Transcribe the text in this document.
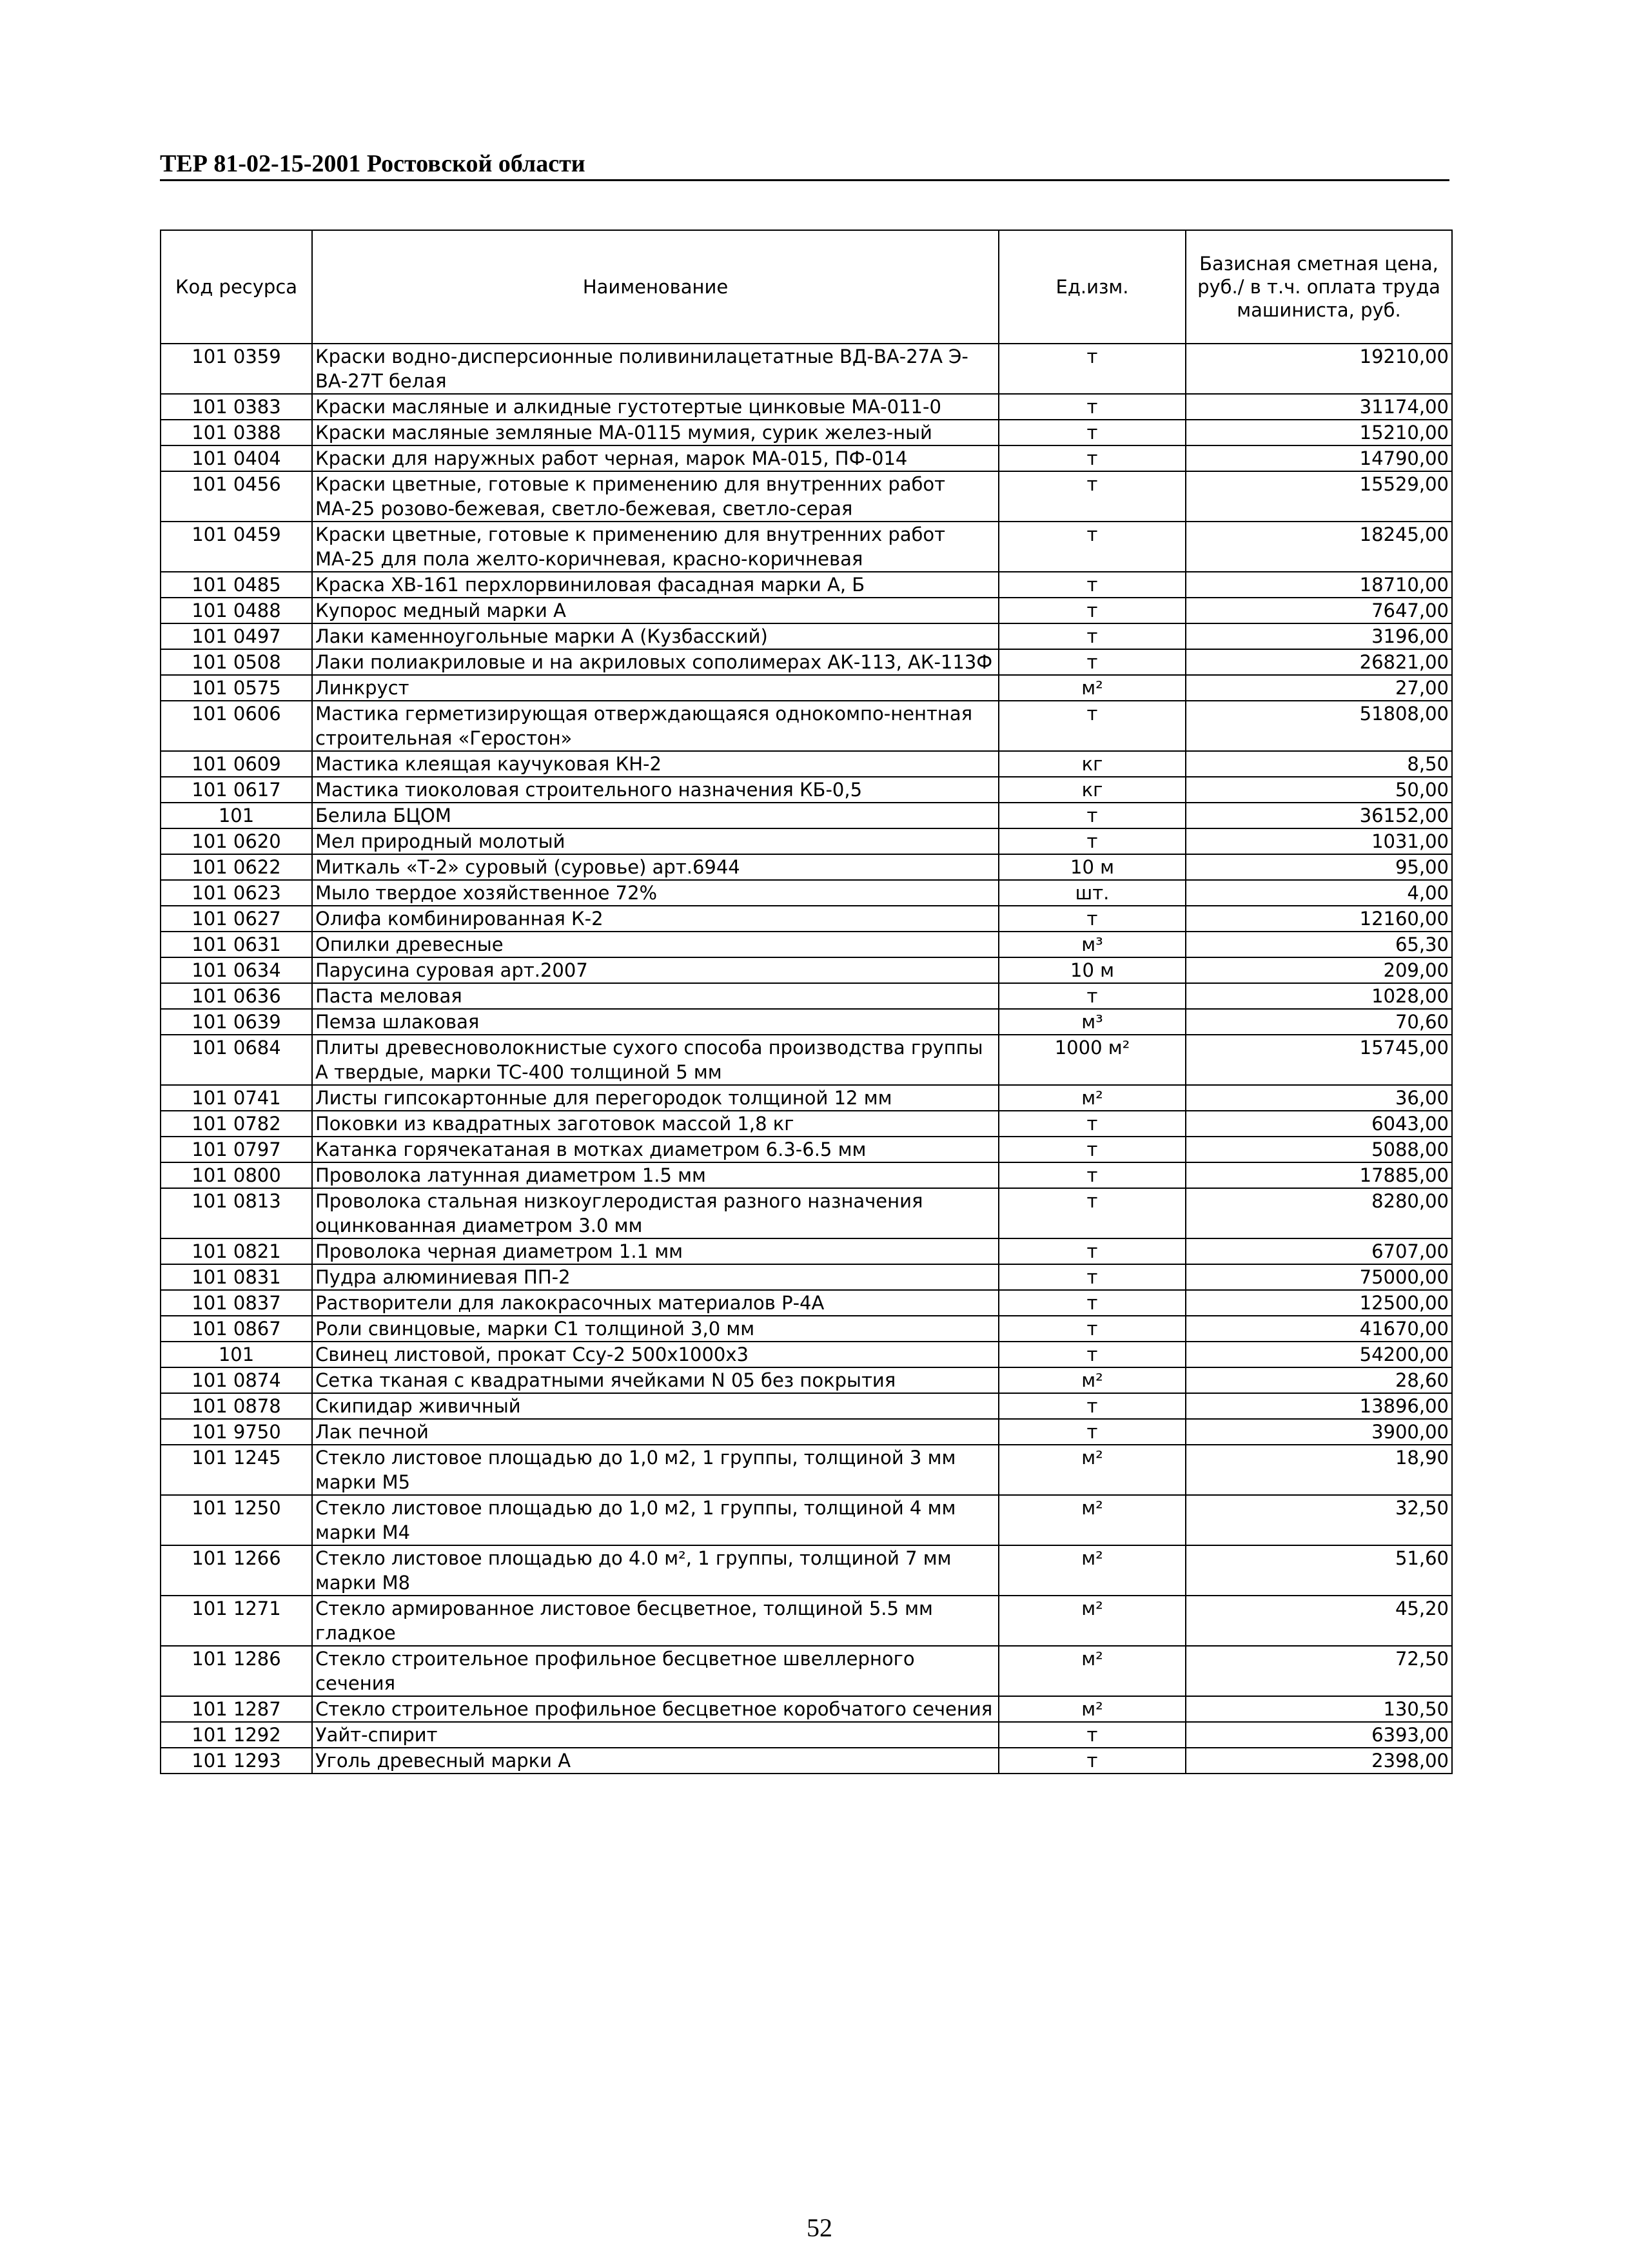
ТЕР 81-02-15-2001 Ростовской области
Код ресурса	Наименование	Ед.изм.	Базисная сметная цена, руб./ в т.ч. оплата труда машиниста, руб.
101 0359	Краски водно-дисперсионные поливинилацетатные ВД-ВА-27А Э-ВА-27Т белая	т	19210,00
101 0383	Краски масляные и алкидные густотертые цинковые МА-011-0	т	31174,00
101 0388	Краски масляные земляные МА-0115 мумия, сурик желез-ный	т	15210,00
101 0404	Краски для наружных работ черная, марок МА-015, ПФ-014	т	14790,00
101 0456	Краски цветные, готовые к применению для внутренних работ МА-25 розово-бежевая, светло-бежевая, светло-серая	т	15529,00
101 0459	Краски цветные, готовые к применению для внутренних работ МА-25 для пола желто-коричневая, красно-коричневая	т	18245,00
101 0485	Краска ХВ-161 перхлорвиниловая фасадная марки А, Б	т	18710,00
101 0488	Купорос медный марки А	т	7647,00
101 0497	Лаки каменноугольные марки А (Кузбасский)	т	3196,00
101 0508	Лаки полиакриловые и на акриловых сополимерах АК-113, АК-113Ф	т	26821,00
101 0575	Линкруст	м²	27,00
101 0606	Мастика герметизирующая отверждающаяся однокомпо-нентная строительная «Геростон»	т	51808,00
101 0609	Мастика клеящая каучуковая КН-2	кг	8,50
101 0617	Мастика тиоколовая строительного назначения КБ-0,5	кг	50,00
101	Белила БЦОМ	т	36152,00
101 0620	Мел природный молотый	т	1031,00
101 0622	Миткаль «Т-2» суровый (суровье) арт.6944	10 м	95,00
101 0623	Мыло твердое хозяйственное 72%	шт.	4,00
101 0627	Олифа комбинированная К-2	т	12160,00
101 0631	Опилки древесные	м³	65,30
101 0634	Парусина суровая арт.2007	10 м	209,00
101 0636	Паста меловая	т	1028,00
101 0639	Пемза шлаковая	м³	70,60
101 0684	Плиты древесноволокнистые сухого способа производства группы А твердые, марки ТС-400 толщиной 5 мм	1000 м²	15745,00
101 0741	Листы гипсокартонные для перегородок толщиной 12 мм	м²	36,00
101 0782	Поковки из квадратных заготовок массой 1,8 кг	т	6043,00
101 0797	Катанка горячекатаная в мотках диаметром 6.3-6.5 мм	т	5088,00
101 0800	Проволока латунная диаметром 1.5 мм	т	17885,00
101 0813	Проволока стальная низкоуглеродистая разного назначения оцинкованная диаметром 3.0 мм	т	8280,00
101 0821	Проволока черная диаметром 1.1 мм	т	6707,00
101 0831	Пудра алюминиевая ПП-2	т	75000,00
101 0837	Растворители для лакокрасочных материалов Р-4А	т	12500,00
101 0867	Роли свинцовые, марки С1 толщиной 3,0 мм	т	41670,00
101	Свинец листовой, прокат Ссу-2 500х1000х3	т	54200,00
101 0874	Сетка тканая с квадратными ячейками N 05 без покрытия	м²	28,60
101 0878	Скипидар живичный	т	13896,00
101 9750	Лак печной	т	3900,00
101 1245	Стекло листовое площадью до 1,0 м2, 1 группы, толщиной 3 мм марки М5	м²	18,90
101 1250	Стекло листовое площадью до 1,0 м2, 1 группы, толщиной 4 мм марки М4	м²	32,50
101 1266	Стекло листовое площадью до 4.0 м², 1 группы, толщиной 7 мм марки М8	м²	51,60
101 1271	Стекло армированное листовое бесцветное, толщиной 5.5 мм гладкое	м²	45,20
101 1286	Стекло строительное профильное бесцветное швеллерного сечения	м²	72,50
101 1287	Стекло строительное профильное бесцветное коробчатого сечения	м²	130,50
101 1292	Уайт-спирит	т	6393,00
101 1293	Уголь древесный марки А	т	2398,00
52
